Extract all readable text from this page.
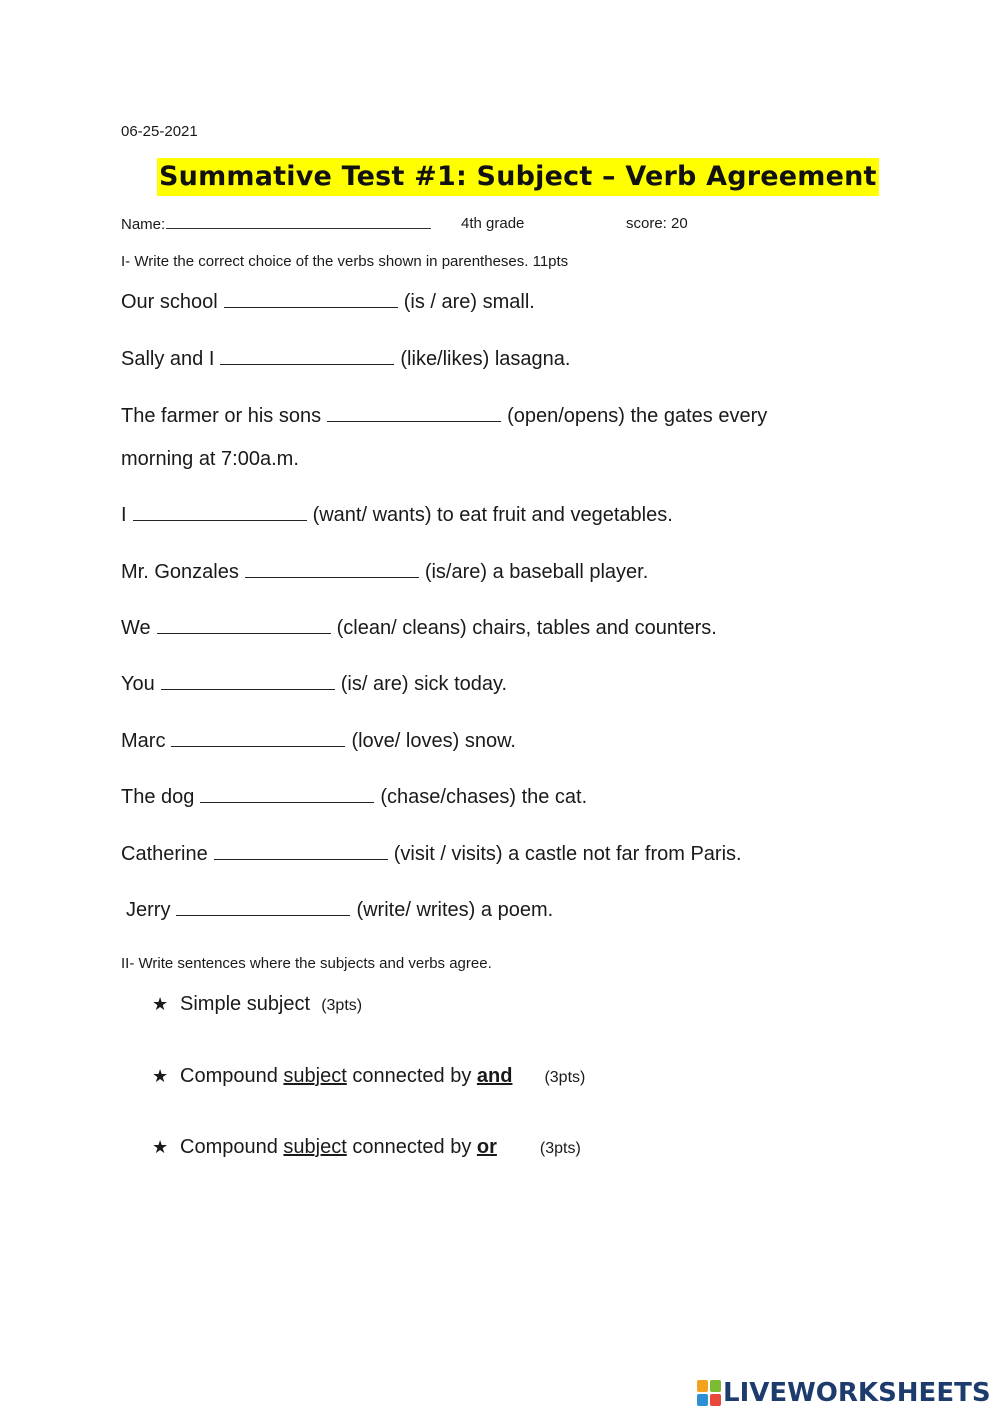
06-25-2021
Summative Test #1: Subject – Verb Agreement
Name:	4th grade	score: 20
I- Write the correct choice of the verbs shown in parentheses. 11pts
Our school	(is / are) small.
Sally and I	(like/likes) lasagna.
The farmer or his sons	(open/opens) the gates every
morning at 7:00a.m.
I	(want/ wants) to eat fruit and vegetables.
Mr. Gonzales	(is/are) a baseball player.
We	(clean/ cleans) chairs, tables and counters.
You	(is/ are) sick today.
Marc	(love/ loves) snow.
The dog	(chase/chases) the cat.
Catherine	(visit / visits) a castle not far from Paris.
Jerry	(write/ writes) a poem.
II- Write sentences where the subjects and verbs agree.
★ Simple subject (3pts)
★ Compound subject connected by and (3pts)
★ Compound subject connected by or	(3pts)
LIVEWORKSHEETS
